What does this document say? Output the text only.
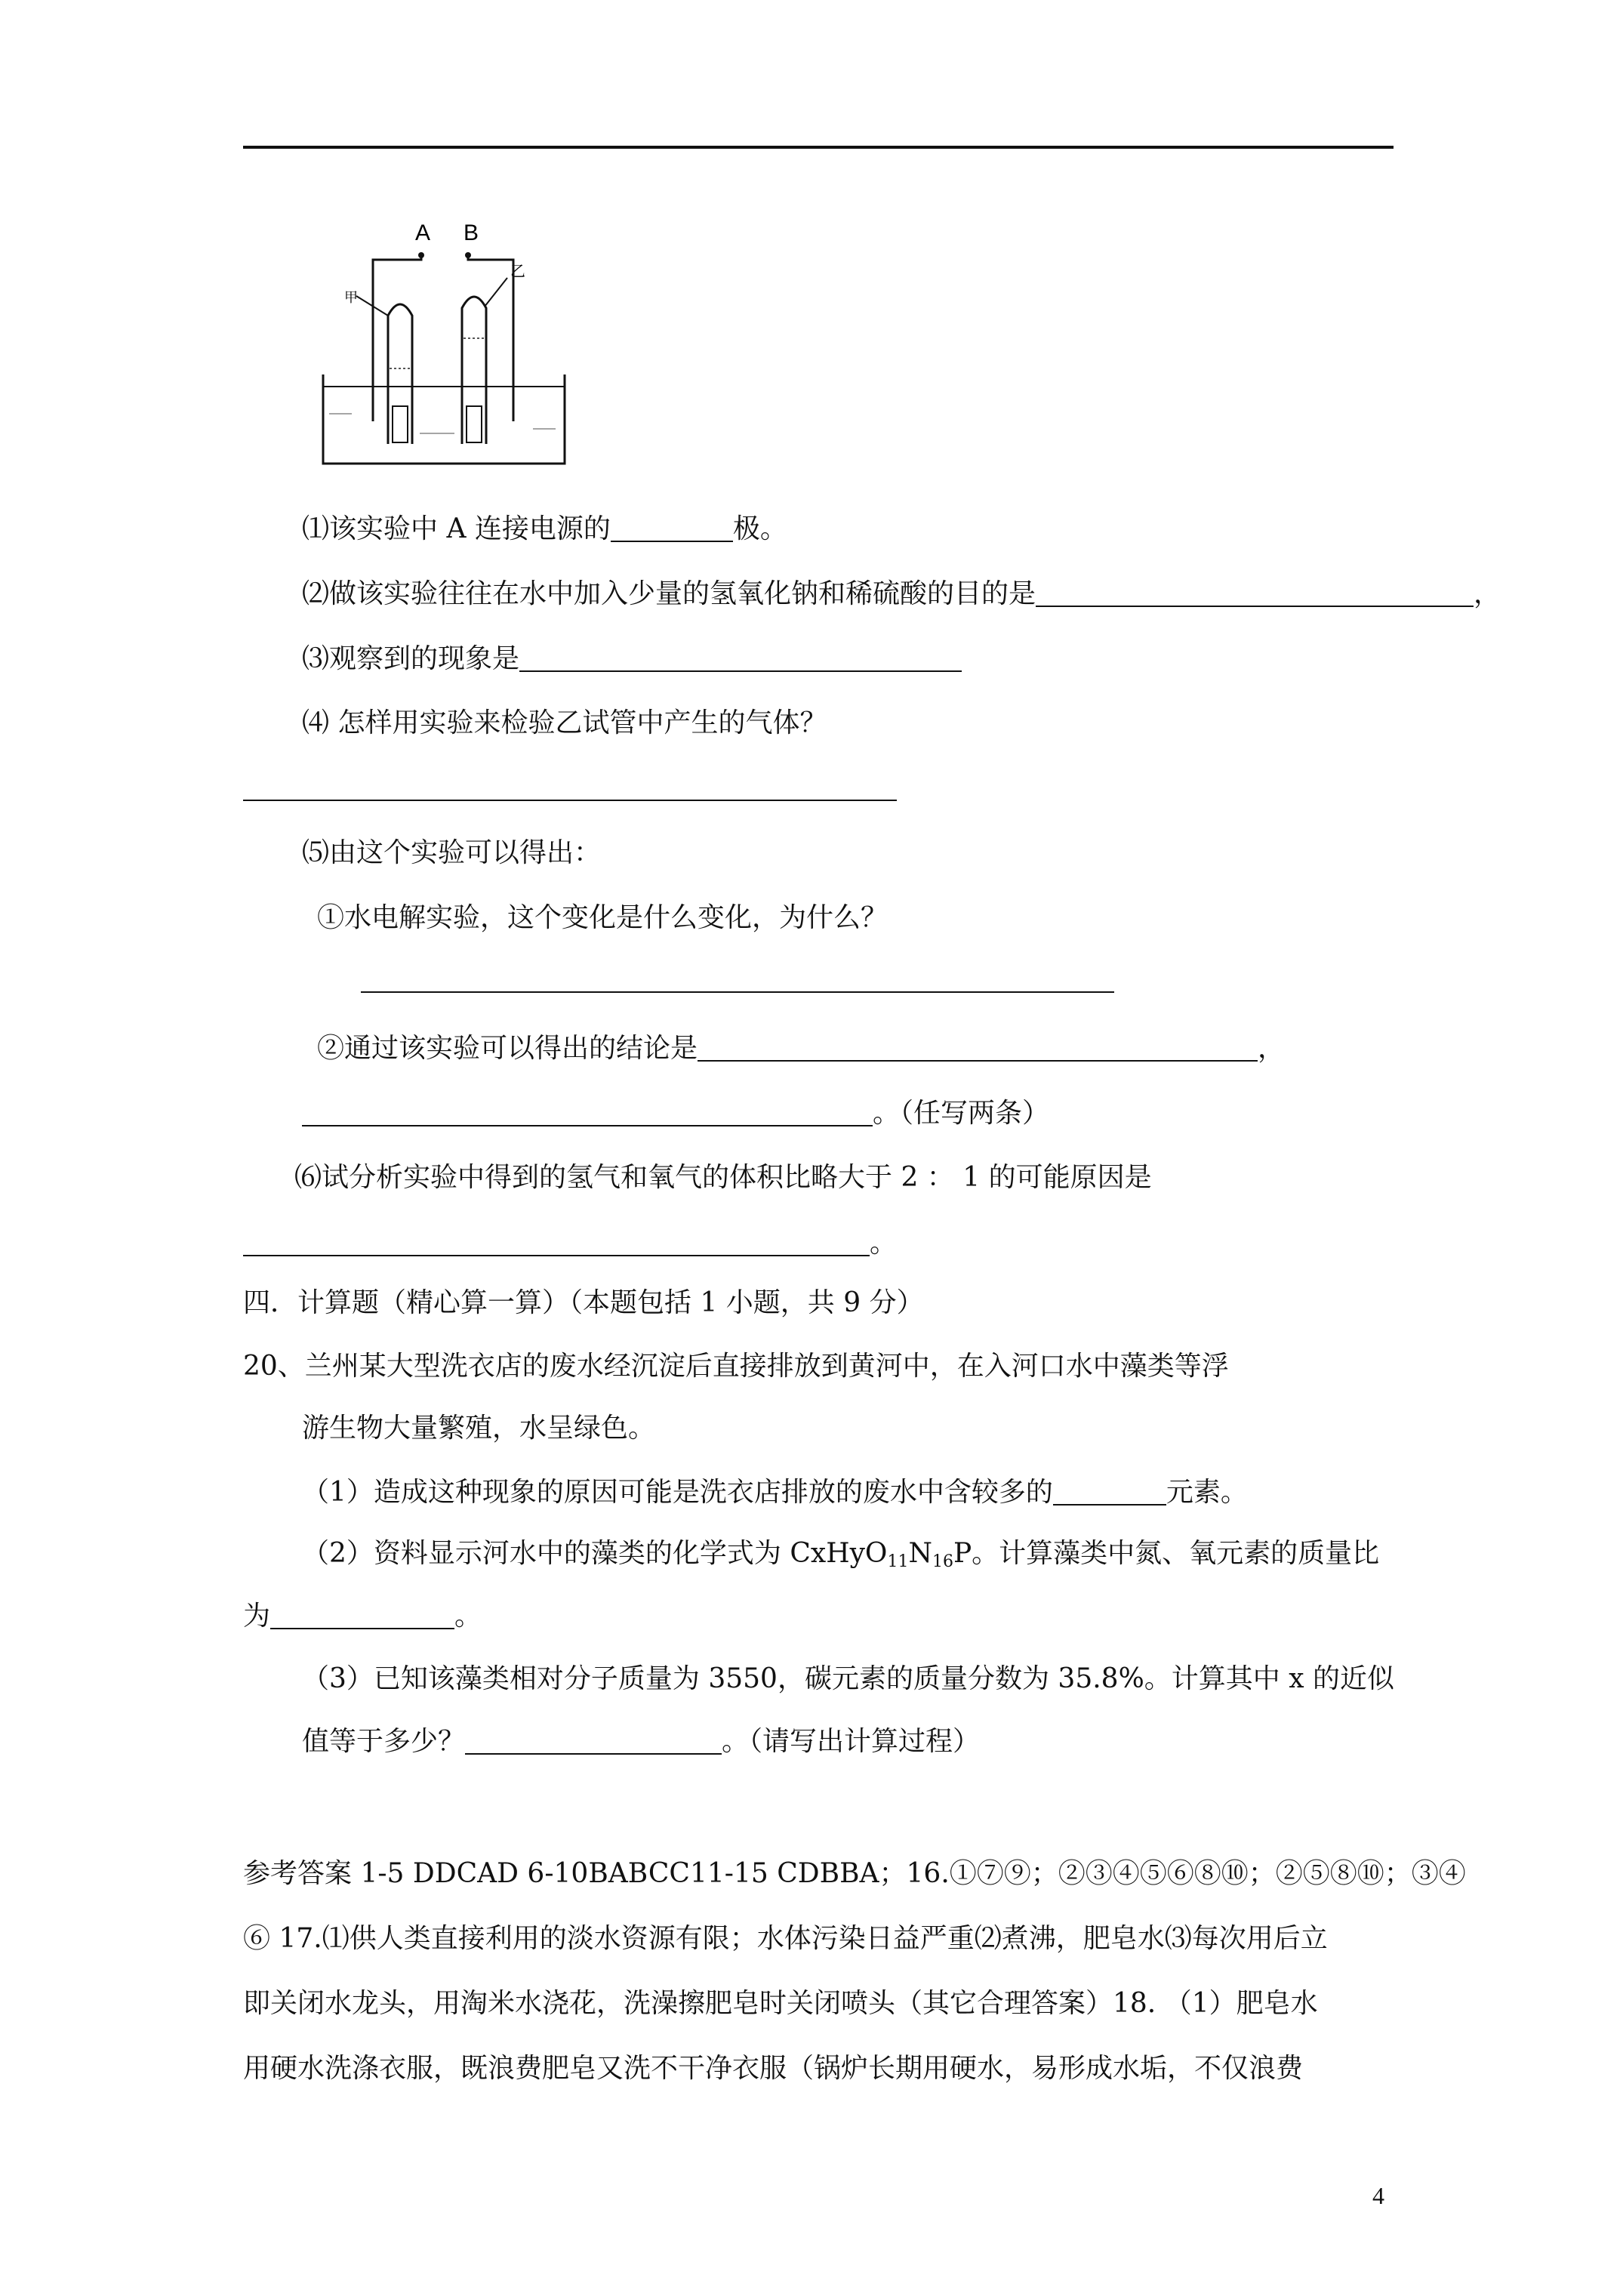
A B
甲
乙
⑴该实验中 A 连接电源的	极。
⑵做该实验往往在水中加入少量的氢氧化钠和稀硫酸的目的是	，
⑶观察到的现象是
⑷ 怎样用实验来检验乙试管中产生的气体？
⑸由这个实验可以得出：
①水电解实验，这个变化是什么变化，为什么？
②通过该实验可以得出的结论是	，
。（任写两条）
⑹试分析实验中得到的氢气和氧气的体积比略大于 2 ： 1 的可能原因是
。
四．计算题（精心算一算）（本题包括 1 小题，共 9 分）
20、兰州某大型洗衣店的废水经沉淀后直接排放到黄河中，在入河口水中藻类等浮
游生物大量繁殖，水呈绿色。
（1）造成这种现象的原因可能是洗衣店排放的废水中含较多的	元素。
（2）资料显示河水中的藻类的化学式为 $CxHyO_{11}N_{16}P$。计算藻类中氮、氧元素的质量比
为	。
（3）已知该藻类相对分子质量为 3550，碳元素的质量分数为 35.8%。计算其中 x 的近似
值等于多少？	。（请写出计算过程）
参考答案 1-5 DDCAD 6-10BABCC11-15 CDBBA；16.①⑦⑨；②③④⑤⑥⑧⑩；②⑤⑧⑩；③④
⑥ 17.⑴供人类直接利用的淡水资源有限；水体污染日益严重⑵煮沸，肥皂水⑶每次用后立
即关闭水龙头，用淘米水浇花，洗澡擦肥皂时关闭喷头（其它合理答案）18. （1）肥皂水
用硬水洗涤衣服，既浪费肥皂又洗不干净衣服（锅炉长期用硬水，易形成水垢，不仅浪费
4
